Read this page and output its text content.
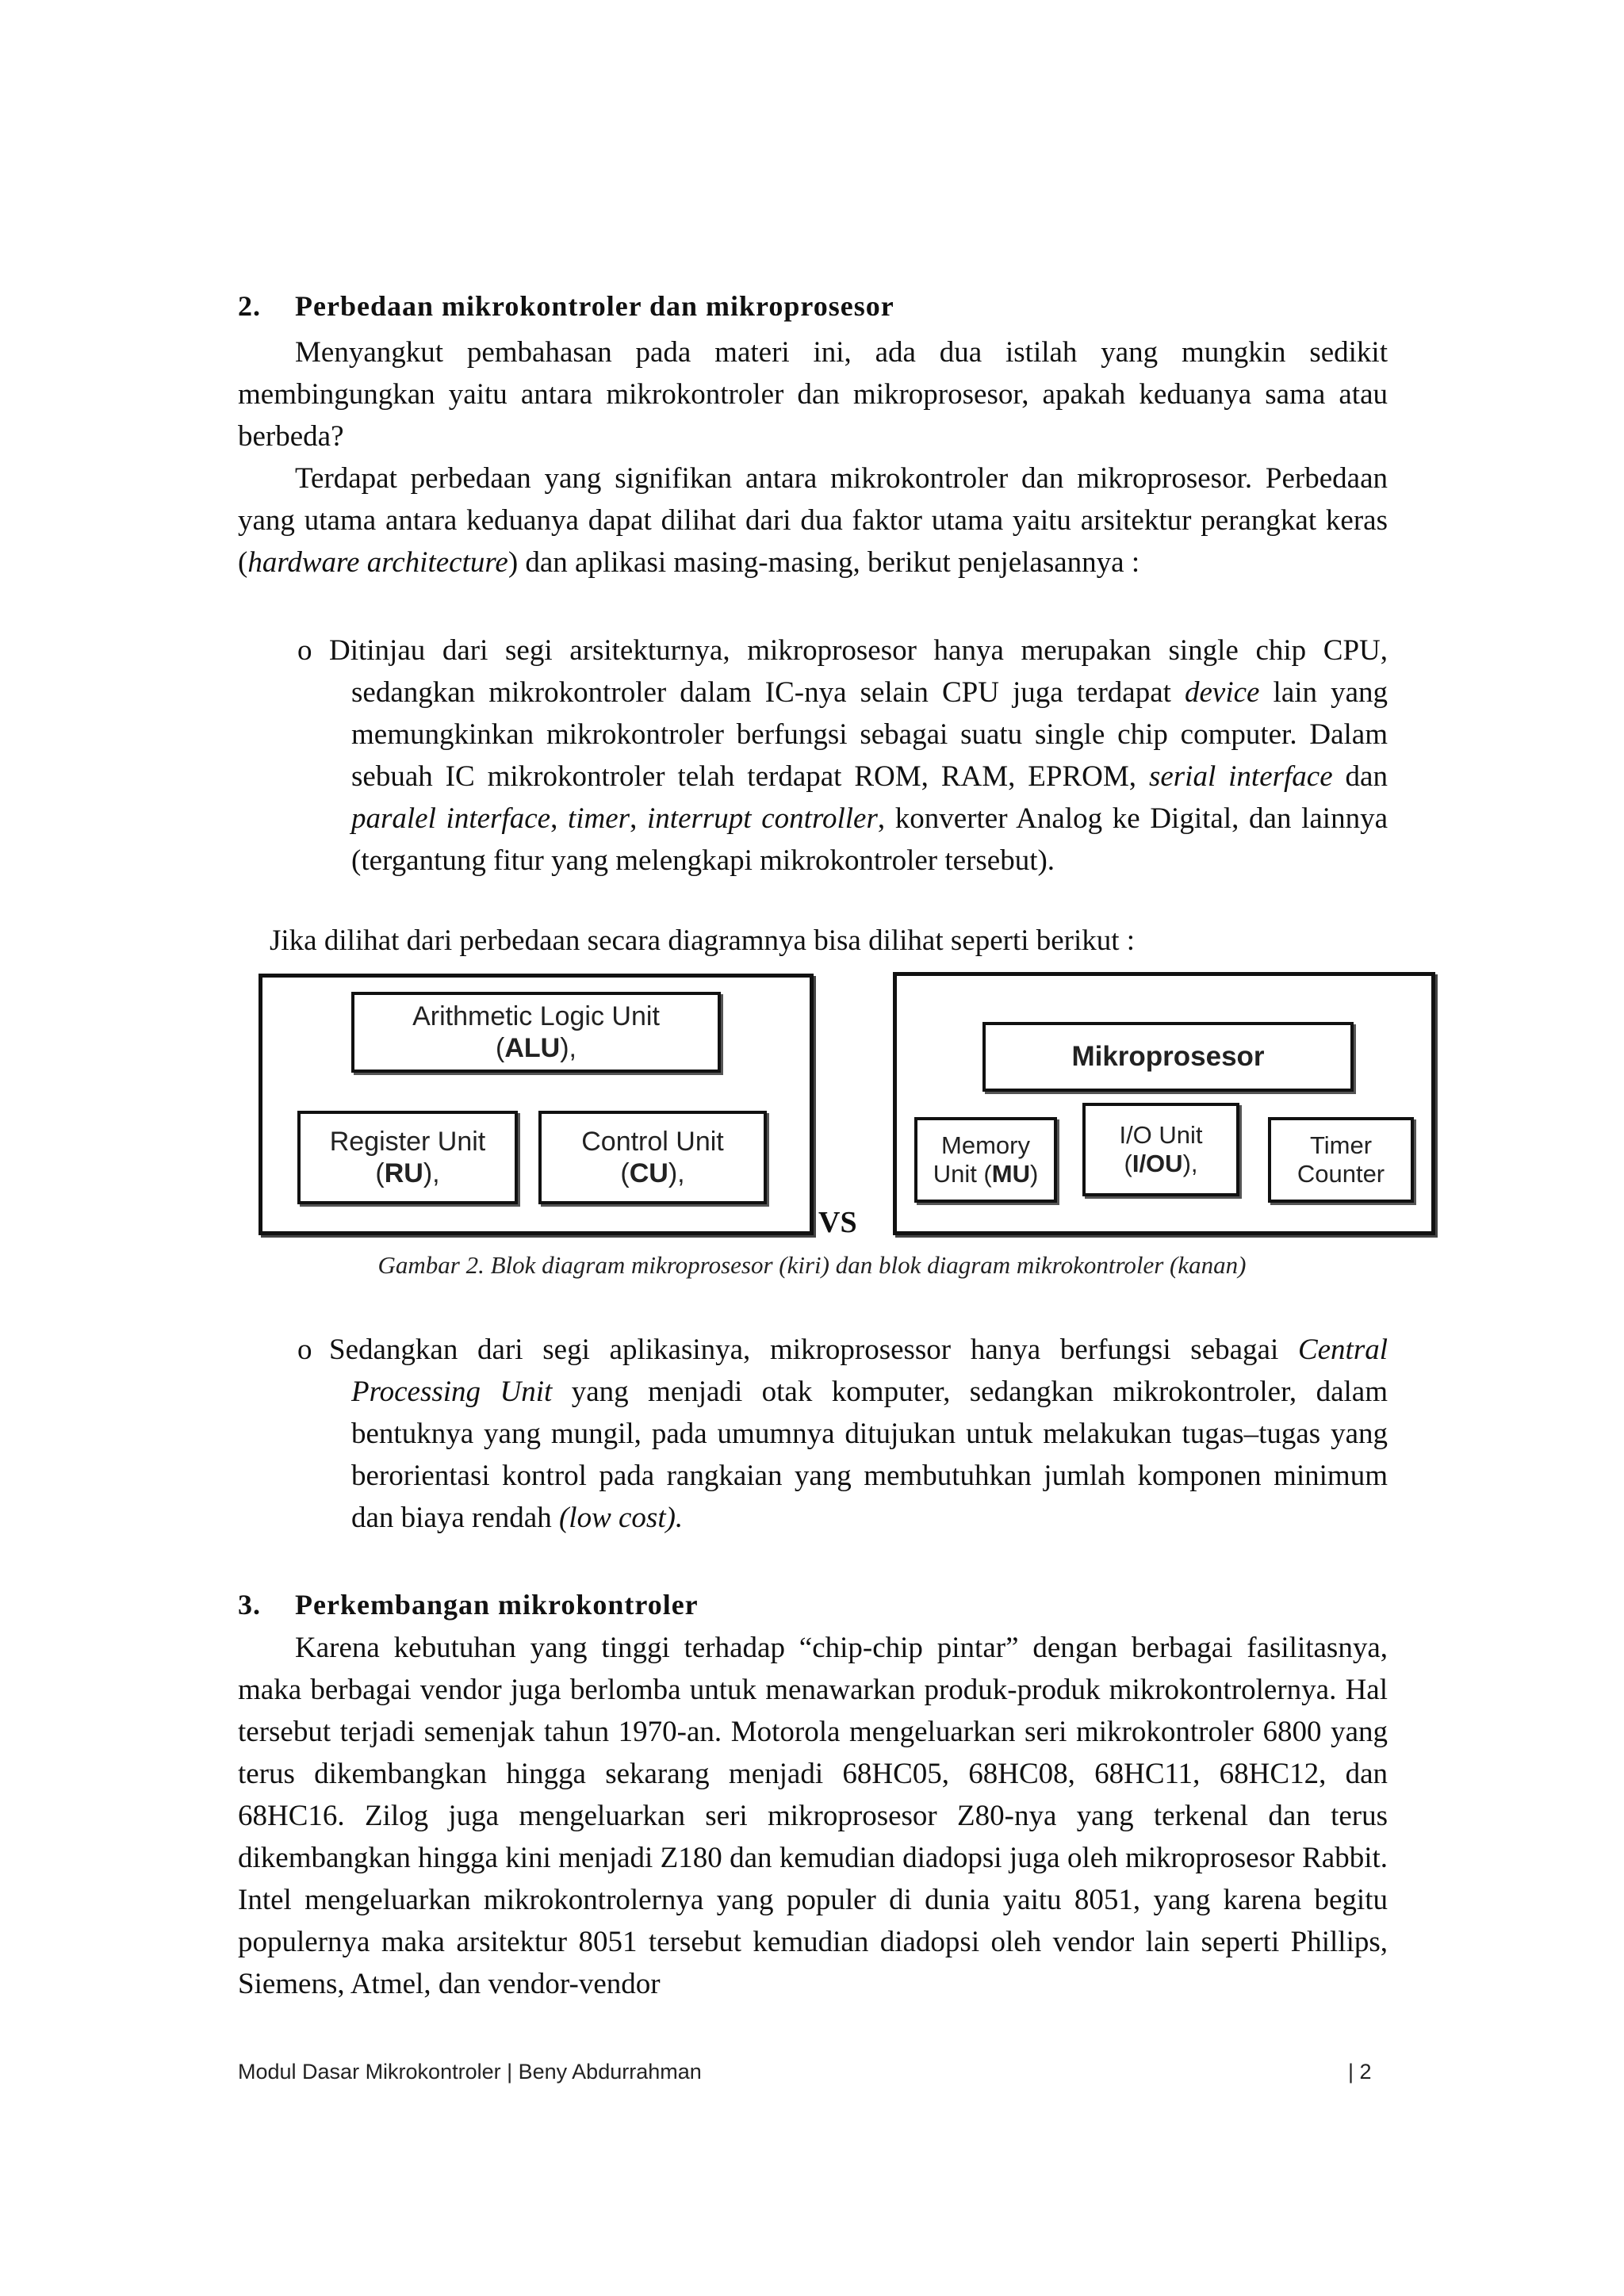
2. Perbedaan mikrokontroler dan mikroprosesor

Menyangkut pembahasan pada materi ini, ada dua istilah yang mungkin sedikit membingungkan yaitu antara mikrokontroler dan mikroprosesor, apakah keduanya sama atau berbeda?

Terdapat perbedaan yang signifikan antara mikrokontroler dan mikroprosesor. Perbedaan yang utama antara keduanya dapat dilihat dari dua faktor utama yaitu arsitektur perangkat keras (hardware architecture) dan aplikasi masing-masing, berikut penjelasannya :

o Ditinjau dari segi arsitekturnya, mikroprosesor hanya merupakan single chip CPU, sedangkan mikrokontroler dalam IC-nya selain CPU juga terdapat device lain yang memungkinkan mikrokontroler berfungsi sebagai suatu single chip computer. Dalam sebuah IC mikrokontroler telah terdapat ROM, RAM, EPROM, serial interface dan paralel interface, timer, interrupt controller, konverter Analog ke Digital, dan lainnya (tergantung fitur yang melengkapi mikrokontroler tersebut).

Jika dilihat dari perbedaan secara diagramnya bisa dilihat seperti berikut :

Arithmetic Logic Unit
(ALU),
Register Unit
(RU),
Control Unit
(CU),
VS
Mikroprosesor
Memory
Unit (MU)
I/O Unit
(I/OU),
Timer
Counter
Gambar 2. Blok diagram mikroprosesor (kiri) dan blok diagram mikrokontroler (kanan)
o Sedangkan dari segi aplikasinya, mikroprosessor hanya berfungsi sebagai Central Processing Unit yang menjadi otak komputer, sedangkan mikrokontroler, dalam bentuknya yang mungil, pada umumnya ditujukan untuk melakukan tugas–tugas yang berorientasi kontrol pada rangkaian yang membutuhkan jumlah komponen minimum dan biaya rendah (low cost).

3. Perkembangan mikrokontroler

Karena kebutuhan yang tinggi terhadap “chip-chip pintar” dengan berbagai fasilitasnya, maka berbagai vendor juga berlomba untuk menawarkan produk-produk mikrokontrolernya. Hal tersebut terjadi semenjak tahun 1970-an. Motorola mengeluarkan seri mikrokontroler 6800 yang terus dikembangkan hingga sekarang menjadi 68HC05, 68HC08, 68HC11, 68HC12, dan 68HC16. Zilog juga mengeluarkan seri mikroprosesor Z80-nya yang terkenal dan terus dikembangkan hingga kini menjadi Z180 dan kemudian diadopsi juga oleh mikroprosesor Rabbit. Intel mengeluarkan mikrokontrolernya yang populer di dunia yaitu 8051, yang karena begitu populernya maka arsitektur 8051 tersebut kemudian diadopsi oleh vendor lain seperti Phillips, Siemens, Atmel, dan vendor-vendor

Modul Dasar Mikrokontroler | Beny Abdurrahman	| 2
